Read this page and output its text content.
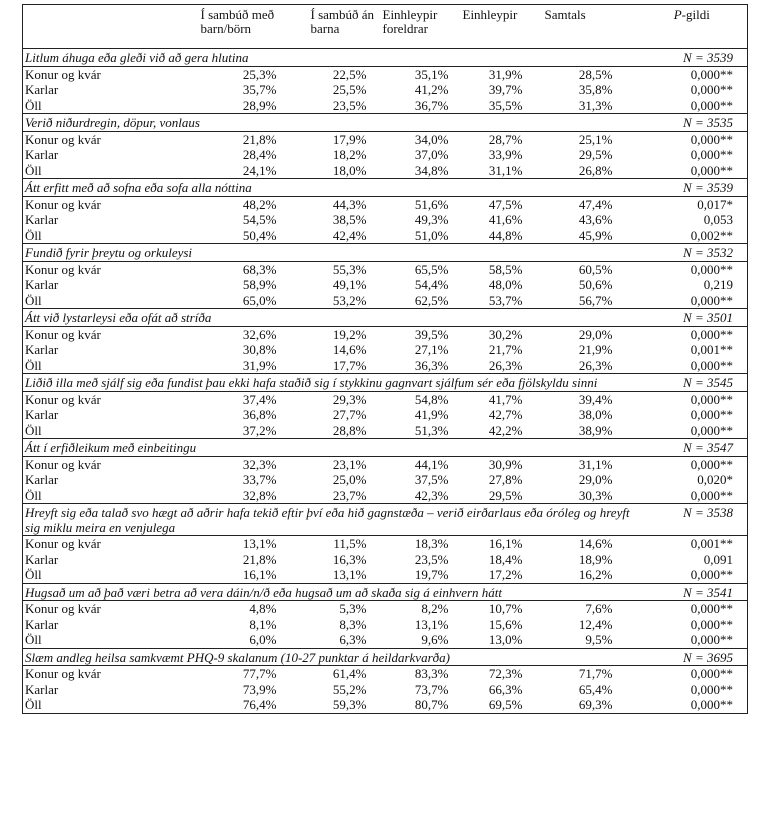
	Í sambúð með barn/börn	Í sambúð án barna	Einhleypir foreldrar	Einhleypir	Samtals	P-gildi
Litlum áhuga eða gleði við að gera hlutina						N = 3539
Konur og kvár	25,3%	22,5%	35,1%	31,9%	28,5%	0,000**
Karlar	35,7%	25,5%	41,2%	39,7%	35,8%	0,000**
Öll	28,9%	23,5%	36,7%	35,5%	31,3%	0,000**
Verið niðurdregin, döpur, vonlaus						N = 3535
Konur og kvár	21,8%	17,9%	34,0%	28,7%	25,1%	0,000**
Karlar	28,4%	18,2%	37,0%	33,9%	29,5%	0,000**
Öll	24,1%	18,0%	34,8%	31,1%	26,8%	0,000**
Átt erfitt með að sofna eða sofa alla nóttina						N = 3539
Konur og kvár	48,2%	44,3%	51,6%	47,5%	47,4%	0,017*
Karlar	54,5%	38,5%	49,3%	41,6%	43,6%	0,053
Öll	50,4%	42,4%	51,0%	44,8%	45,9%	0,002**
Fundið fyrir þreytu og orkuleysi						N = 3532
Konur og kvár	68,3%	55,3%	65,5%	58,5%	60,5%	0,000**
Karlar	58,9%	49,1%	54,4%	48,0%	50,6%	0,219
Öll	65,0%	53,2%	62,5%	53,7%	56,7%	0,000**
Átt við lystarleysi eða ofát að stríða						N = 3501
Konur og kvár	32,6%	19,2%	39,5%	30,2%	29,0%	0,000**
Karlar	30,8%	14,6%	27,1%	21,7%	21,9%	0,001**
Öll	31,9%	17,7%	36,3%	26,3%	26,3%	0,000**
Liðið illa með sjálf sig eða fundist þau ekki hafa staðið sig í stykkinu gagnvart sjálfum sér eða fjölskyldu sinni						N = 3545
Konur og kvár	37,4%	29,3%	54,8%	41,7%	39,4%	0,000**
Karlar	36,8%	27,7%	41,9%	42,7%	38,0%	0,000**
Öll	37,2%	28,8%	51,3%	42,2%	38,9%	0,000**
Átt í erfiðleikum með einbeitingu						N = 3547
Konur og kvár	32,3%	23,1%	44,1%	30,9%	31,1%	0,000**
Karlar	33,7%	25,0%	37,5%	27,8%	29,0%	0,020*
Öll	32,8%	23,7%	42,3%	29,5%	30,3%	0,000**
Hreyft sig eða talað svo hægt að aðrir hafa tekið eftir því eða hið gagnstæða – verið eirðarlaus eða óróleg og hreyft sig miklu meira en venjulega						N = 3538
Konur og kvár	13,1%	11,5%	18,3%	16,1%	14,6%	0,001**
Karlar	21,8%	16,3%	23,5%	18,4%	18,9%	0,091
Öll	16,1%	13,1%	19,7%	17,2%	16,2%	0,000**
Hugsað um að það væri betra að vera dáin/n/ð eða hugsað um að skaða sig á einhvern hátt						N = 3541
Konur og kvár	4,8%	5,3%	8,2%	10,7%	7,6%	0,000**
Karlar	8,1%	8,3%	13,1%	15,6%	12,4%	0,000**
Öll	6,0%	6,3%	9,6%	13,0%	9,5%	0,000**
Slæm andleg heilsa samkvæmt PHQ-9 skalanum (10-27 punktar á heildarkvarða)						N = 3695
Konur og kvár	77,7%	61,4%	83,3%	72,3%	71,7%	0,000**
Karlar	73,9%	55,2%	73,7%	66,3%	65,4%	0,000**
Öll	76,4%	59,3%	80,7%	69,5%	69,3%	0,000**
